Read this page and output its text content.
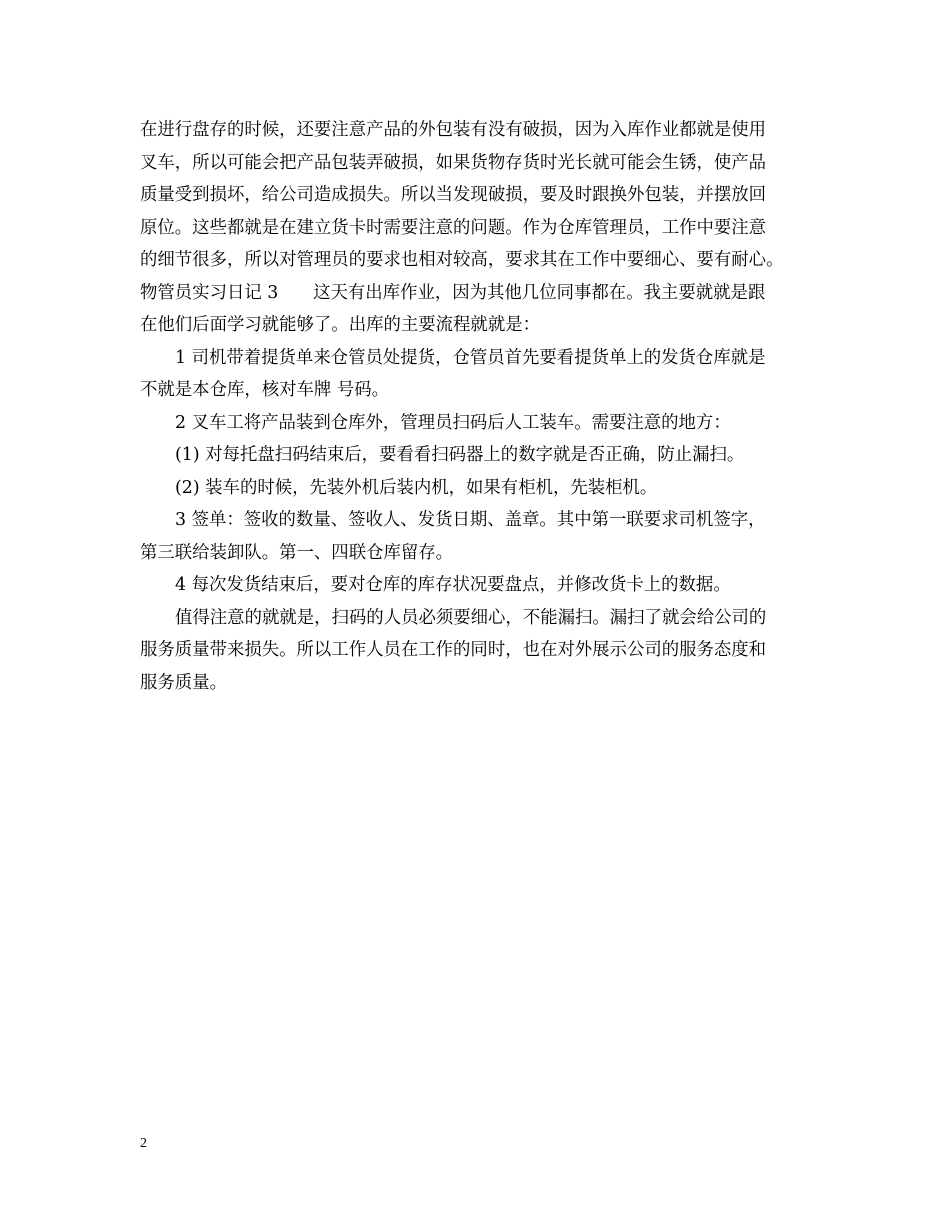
在进行盘存的时候，还要注意产品的外包装有没有破损，因为入库作业都就是使用
叉车，所以可能会把产品包装弄破损，如果货物存货时光长就可能会生锈，使产品
质量受到损坏，给公司造成损失。所以当发现破损，要及时跟换外包装，并摆放回
原位。这些都就是在建立货卡时需要注意的问题。作为仓库管理员，工作中要注意
的细节很多，所以对管理员的要求也相对较高，要求其在工作中要细心、要有耐心。
物管员实习日记 3　　这天有出库作业，因为其他几位同事都在。我主要就就是跟
在他们后面学习就能够了。出库的主要流程就就是：
1 司机带着提货单来仓管员处提货，仓管员首先要看提货单上的发货仓库就是
不就是本仓库，核对车牌 号码。
2 叉车工将产品装到仓库外，管理员扫码后人工装车。需要注意的地方：
(1) 对每托盘扫码结束后，要看看扫码器上的数字就是否正确，防止漏扫。
(2) 装车的时候，先装外机后装内机，如果有柜机，先装柜机。
3 签单：签收的数量、签收人、发货日期、盖章。其中第一联要求司机签字，
第三联给装卸队。第一、四联仓库留存。
4 每次发货结束后，要对仓库的库存状况要盘点，并修改货卡上的数据。
值得注意的就就是，扫码的人员必须要细心，不能漏扫。漏扫了就会给公司的
服务质量带来损失。所以工作人员在工作的同时，也在对外展示公司的服务态度和
服务质量。
2
